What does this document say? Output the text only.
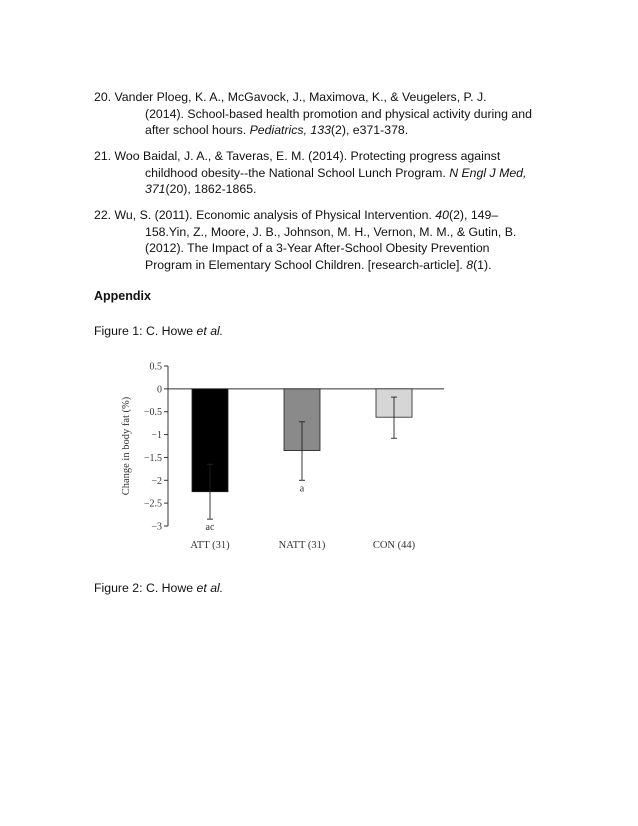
20. Vander Ploeg, K. A., McGavock, J., Maximova, K., & Veugelers, P. J.
(2014). School-based health promotion and physical activity during and
after school hours. Pediatrics, 133(2), e371-378.
21. Woo Baidal, J. A., & Taveras, E. M. (2014). Protecting progress against
childhood obesity--the National School Lunch Program. N Engl J Med,
371(20), 1862-1865.
22. Wu, S. (2011). Economic analysis of Physical Intervention. 40(2), 149–
158.Yin, Z., Moore, J. B., Johnson, M. H., Vernon, M. M., & Gutin, B.
(2012). The Impact of a 3-Year After-School Obesity Prevention
Program in Elementary School Children. [research-article]. 8(1).
Appendix
Figure 1: C. Howe et al.
0.5
0
−0.5
−1
−1.5
−2
−2.5
−3
Change in body fat (%)
ac
ATT (31)
a
NATT (31)	CON (44)
Figure 2: C. Howe et al.
